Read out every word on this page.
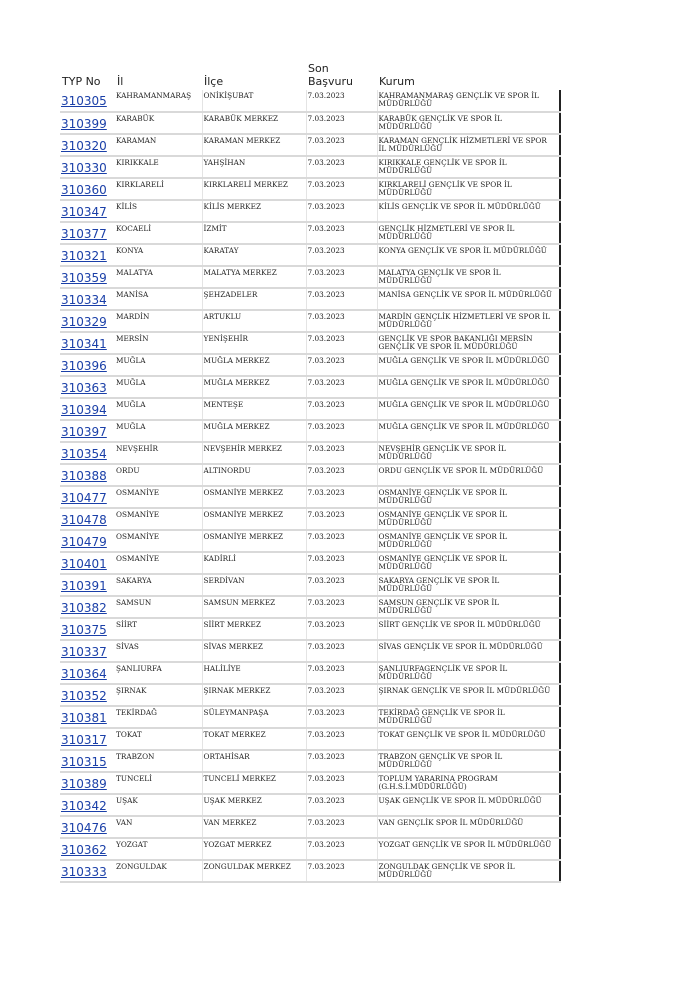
TYP No	İl	İlçe	Son Başvuru	Kurum
310305	KAHRAMANMARAŞ	ONİKİŞUBAT	7.03.2023	KAHRAMANMARAŞ GENÇLİK VE SPOR İL MÜDÜRLÜĞÜ
310399	KARABÜK	KARABÜK MERKEZ	7.03.2023	KARABÜK GENÇLİK VE SPOR İL MÜDÜRLÜĞÜ
310320	KARAMAN	KARAMAN MERKEZ	7.03.2023	KARAMAN GENÇLİK HİZMETLERİ VE SPOR İL MÜDÜRLÜĞÜ
310330	KIRIKKALE	YAHŞİHAN	7.03.2023	KIRIKKALE GENÇLİK VE SPOR İL MÜDÜRLÜĞÜ
310360	KIRKLARELİ	KIRKLARELİ MERKEZ	7.03.2023	KIRKLARELİ GENÇLİK VE SPOR İL MÜDÜRLÜĞÜ
310347	KİLİS	KİLİS MERKEZ	7.03.2023	KİLİS GENÇLİK VE SPOR İL MÜDÜRLÜĞÜ
310377	KOCAELİ	İZMİT	7.03.2023	GENÇLİK HİZMETLERİ VE SPOR İL MÜDÜRLÜĞÜ
310321	KONYA	KARATAY	7.03.2023	KONYA GENÇLİK VE SPOR İL MÜDÜRLÜĞÜ
310359	MALATYA	MALATYA MERKEZ	7.03.2023	MALATYA GENÇLİK VE SPOR İL MÜDÜRLÜĞÜ
310334	MANİSA	ŞEHZADELER	7.03.2023	MANİSA GENÇLİK VE SPOR İL MÜDÜRLÜĞÜ
310329	MARDİN	ARTUKLU	7.03.2023	MARDİN GENÇLİK HİZMETLERİ VE SPOR İL MÜDÜRLÜĞÜ
310341	MERSİN	YENİŞEHİR	7.03.2023	GENÇLİK VE SPOR BAKANLIĞI MERSİN GENÇLİK VE SPOR İL MÜDÜRLÜĞÜ
310396	MUĞLA	MUĞLA MERKEZ	7.03.2023	MUĞLA GENÇLİK VE SPOR İL MÜDÜRLÜĞÜ
310363	MUĞLA	MUĞLA MERKEZ	7.03.2023	MUĞLA GENÇLİK VE SPOR İL MÜDÜRLÜĞÜ
310394	MUĞLA	MENTEŞE	7.03.2023	MUĞLA GENÇLİK VE SPOR İL MÜDÜRLÜĞÜ
310397	MUĞLA	MUĞLA MERKEZ	7.03.2023	MUĞLA GENÇLİK VE SPOR İL MÜDÜRLÜĞÜ
310354	NEVŞEHİR	NEVŞEHİR MERKEZ	7.03.2023	NEVŞEHİR GENÇLİK VE SPOR İL MÜDÜRLÜĞÜ
310388	ORDU	ALTINORDU	7.03.2023	ORDU GENÇLİK VE SPOR İL MÜDÜRLÜĞÜ
310477	OSMANİYE	OSMANİYE MERKEZ	7.03.2023	OSMANİYE GENÇLİK VE SPOR İL MÜDÜRLÜĞÜ
310478	OSMANİYE	OSMANİYE MERKEZ	7.03.2023	OSMANİYE GENÇLİK VE SPOR İL MÜDÜRLÜĞÜ
310479	OSMANİYE	OSMANİYE MERKEZ	7.03.2023	OSMANİYE GENÇLİK VE SPOR İL MÜDÜRLÜĞÜ
310401	OSMANİYE	KADİRLİ	7.03.2023	OSMANİYE GENÇLİK VE SPOR İL MÜDÜRLÜĞÜ
310391	SAKARYA	SERDİVAN	7.03.2023	SAKARYA GENÇLİK VE SPOR İL MÜDÜRLÜĞÜ
310382	SAMSUN	SAMSUN MERKEZ	7.03.2023	SAMSUN GENÇLİK VE SPOR İL MÜDÜRLÜĞÜ
310375	SİİRT	SİİRT MERKEZ	7.03.2023	SİİRT GENÇLİK VE SPOR İL MÜDÜRLÜĞÜ
310337	SİVAS	SİVAS MERKEZ	7.03.2023	SİVAS GENÇLİK VE SPOR İL MÜDÜRLÜĞÜ
310364	ŞANLIURFA	HALİLİYE	7.03.2023	ŞANLIURFAGENÇLİK VE SPOR İL MÜDÜRLÜĞÜ
310352	ŞIRNAK	ŞIRNAK MERKEZ	7.03.2023	ŞIRNAK GENÇLİK VE SPOR İL MÜDÜRLÜĞÜ
310381	TEKİRDAĞ	SÜLEYMANPAŞA	7.03.2023	TEKİRDAĞ GENÇLİK VE SPOR İL MÜDÜRLÜĞÜ
310317	TOKAT	TOKAT MERKEZ	7.03.2023	TOKAT GENÇLİK VE SPOR İL MÜDÜRLÜĞÜ
310315	TRABZON	ORTAHİSAR	7.03.2023	TRABZON GENÇLİK VE SPOR İL MÜDÜRLÜĞÜ
310389	TUNCELİ	TUNCELİ MERKEZ	7.03.2023	TOPLUM YARARINA PROGRAM (G.H.S.İ.MÜDÜRLÜĞÜ)
310342	UŞAK	UŞAK MERKEZ	7.03.2023	UŞAK GENÇLİK VE SPOR İL MÜDÜRLÜĞÜ
310476	VAN	VAN MERKEZ	7.03.2023	VAN GENÇLİK SPOR İL MÜDÜRLÜĞÜ
310362	YOZGAT	YOZGAT MERKEZ	7.03.2023	YOZGAT GENÇLİK VE SPOR İL MÜDÜRLÜĞÜ
310333	ZONGULDAK	ZONGULDAK MERKEZ	7.03.2023	ZONGULDAK GENÇLİK VE SPOR İL MÜDÜRLÜĞÜ
